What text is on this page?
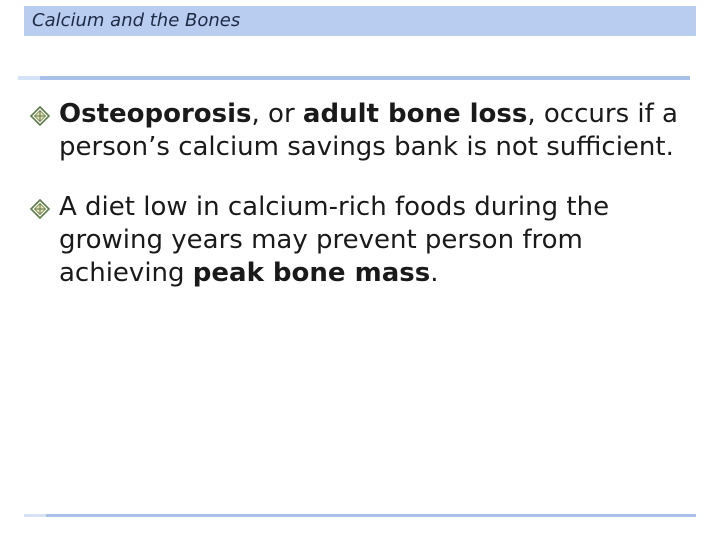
Calcium and the Bones
Osteoporosis, or adult bone loss, occurs if a person’s calcium savings bank is not sufficient.
A diet low in calcium-rich foods during the growing years may prevent person from achieving peak bone mass.
